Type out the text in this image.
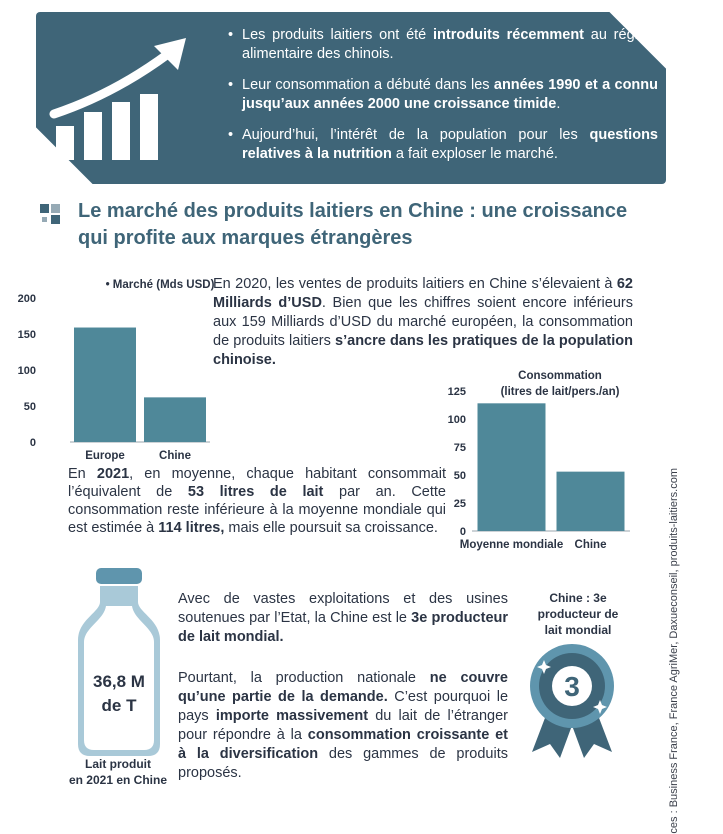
• Les produits laitiers ont été introduits récemment au régime alimentaire des chinois.
• Leur consommation a débuté dans les années 1990 et a connu jusqu’aux années 2000 une croissance timide.
• Aujourd’hui, l’intérêt de la population pour les questions relatives à la nutrition a fait exploser le marché.
Le marché des produits laitiers en Chine : une croissance qui profite aux marques étrangères
0
50
100
150
200
Europe	Chine
• Marché (Mds USD)
En 2020, les ventes de produits laitiers en Chine s’élevaient à 62 Milliards d’USD. Bien que les chiffres soient encore inférieurs aux 159 Milliards d’USD du marché européen, la consommation de produits laitiers s’ancre dans les pratiques de la population chinoise.
0
25
50
75
100
125
Moyenne mondiale Chine
Consommation
(litres de lait/pers./an)
En 2021, en moyenne, chaque habitant consommait l’équivalent de 53 litres de lait par an. Cette consommation reste inférieure à la moyenne mondiale qui est estimée à 114 litres, mais elle poursuit sa croissance.
36,8 M
de T
Lait produit
en 2021 en Chine
Avec de vastes exploitations et des usines soutenues par l’Etat, la Chine est le 3e producteur de lait mondial.
Pourtant, la production nationale ne couvre qu’une partie de la demande. C’est pourquoi le pays importe massivement du lait de l’étranger pour répondre à la consommation croissante et à la diversification des gammes de produits proposés.
Chine : 3e
producteur de
lait mondial
3	ces : Business France, France AgriMer, Daxueconseil, produits-laitiers.com
